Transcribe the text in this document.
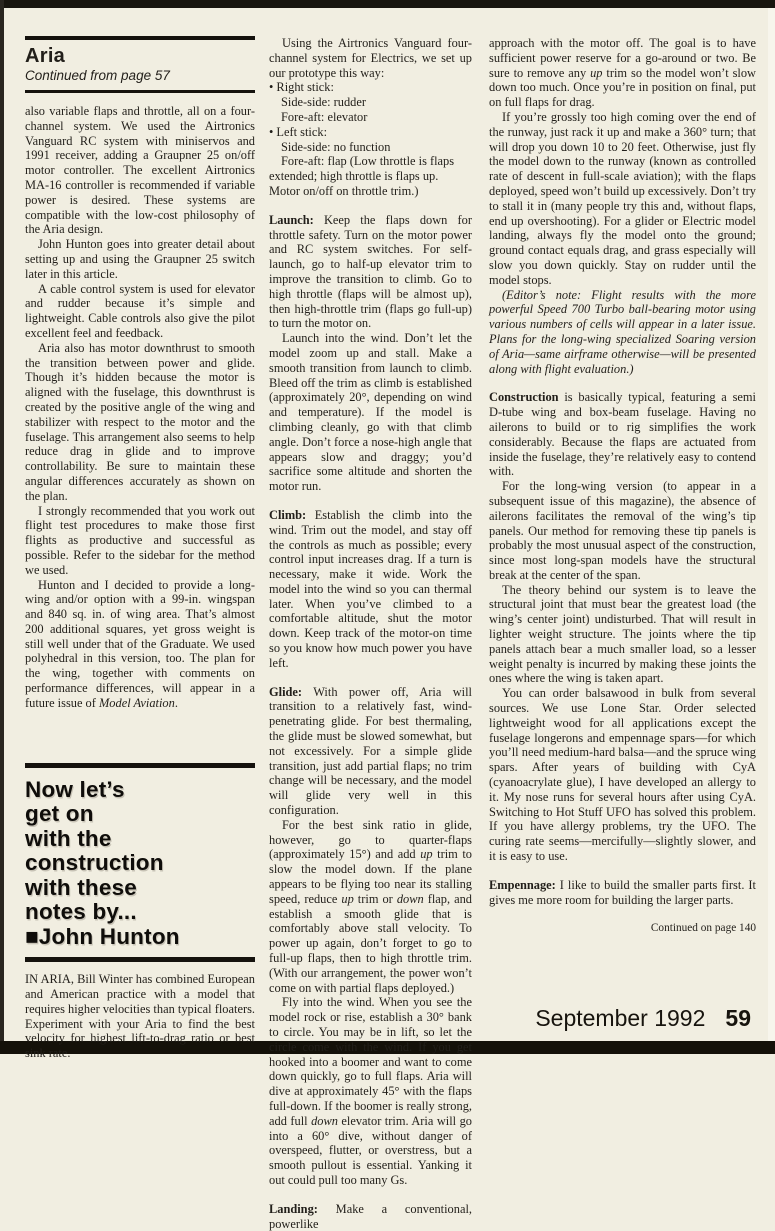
Aria
Continued from page 57

also variable flaps and throttle, all on a four-channel system. We used the Airtronics Vanguard RC system with miniservos and 1991 receiver, adding a Graupner 25 on/off motor controller. The excellent Airtronics MA-16 controller is recommended if variable power is desired. These systems are compatible with the low-cost philosophy of the Aria design.

John Hunton goes into greater detail about setting up and using the Graupner 25 switch later in this article.

A cable control system is used for elevator and rudder because it’s simple and lightweight. Cable controls also give the pilot excellent feel and feedback.

Aria also has motor downthrust to smooth the transition between power and glide. Though it’s hidden because the motor is aligned with the fuselage, this downthrust is created by the positive angle of the wing and stabilizer with respect to the motor and the fuselage. This arrangement also seems to help reduce drag in glide and to improve controllability. Be sure to maintain these angular differences accurately as shown on the plan.

I strongly recommended that you work out flight test procedures to make those first flights as productive and successful as possible. Refer to the sidebar for the method we used.

Hunton and I decided to provide a long-wing and/or option with a 99-in. wingspan and 840 sq. in. of wing area. That’s almost 200 additional squares, yet gross weight is still well under that of the Graduate. We used polyhedral in this version, too. The plan for the wing, together with comments on performance differences, will appear in a future issue of Model Aviation.

Now let’s
get on
with the
construction
with these
notes by...
■John Hunton

IN ARIA, Bill Winter has combined European and American practice with a model that requires higher velocities than typical floaters. Experiment with your Aria to find the best velocity for highest lift-to-drag ratio or best sink rate.

Using the Airtronics Vanguard four-channel system for Electrics, we set up our prototype this way:

• Right stick:

Side-side: rudder

Fore-aft: elevator

• Left stick:

Side-side: no function

Fore-aft: flap (Low throttle is flaps extended; high throttle is flaps up. Motor on/off on throttle trim.)

Launch: Keep the flaps down for throttle safety. Turn on the motor power and RC system switches. For self-launch, go to half-up elevator trim to improve the transition to climb. Go to high throttle (flaps will be almost up), then high-throttle trim (flaps go full-up) to turn the motor on.

Launch into the wind. Don’t let the model zoom up and stall. Make a smooth transition from launch to climb. Bleed off the trim as climb is established (approximately 20°, depending on wind and temperature). If the model is climbing cleanly, go with that climb angle. Don’t force a nose-high angle that appears slow and draggy; you’d sacrifice some altitude and shorten the motor run.

Climb: Establish the climb into the wind. Trim out the model, and stay off the controls as much as possible; every control input increases drag. If a turn is necessary, make it wide. Work the model into the wind so you can thermal later. When you’ve climbed to a comfortable altitude, shut the motor down. Keep track of the motor-on time so you know how much power you have left.

Glide: With power off, Aria will transition to a relatively fast, wind-penetrating glide. For best thermaling, the glide must be slowed somewhat, but not excessively. For a simple glide transition, just add partial flaps; no trim change will be necessary, and the model will glide very well in this configuration.

For the best sink ratio in glide, however, go to quarter-flaps (approximately 15°) and add up trim to slow the model down. If the plane appears to be flying too near its stalling speed, reduce up trim or down flap, and establish a smooth glide that is comfortably above stall velocity. To power up again, don’t forget to go to full-up flaps, then to high throttle trim. (With our arrangement, the power won’t come on with partial flaps deployed.)

Fly into the wind. When you see the model rock or rise, establish a 30° bank to circle. You may be in lift, so let the circle come with the wind. If you get hooked into a boomer and want to come down quickly, go to full flaps. Aria will dive at approximately 45° with the flaps full-down. If the boomer is really strong, add full down elevator trim. Aria will go into a 60° dive, without danger of overspeed, flutter, or overstress, but a smooth pullout is essential. Yanking it out could pull too many Gs.

Landing: Make a conventional, powerlike

approach with the motor off. The goal is to have sufficient power reserve for a go-around or two. Be sure to remove any up trim so the model won’t slow down too much. Once you’re in position on final, put on full flaps for drag.

If you’re grossly too high coming over the end of the runway, just rack it up and make a 360° turn; that will drop you down 10 to 20 feet. Otherwise, just fly the model down to the runway (known as controlled rate of descent in full-scale aviation); with the flaps deployed, speed won’t build up excessively. Don’t try to stall it in (many people try this and, without flaps, end up overshooting). For a glider or Electric model landing, always fly the model onto the ground; ground contact equals drag, and grass especially will slow you down quickly. Stay on rudder until the model stops.

(Editor’s note: Flight results with the more powerful Speed 700 Turbo ball-bearing motor using various numbers of cells will appear in a later issue. Plans for the long-wing specialized Soaring version of Aria—same airframe otherwise—will be presented along with flight evaluation.)

Construction is basically typical, featuring a semi D-tube wing and box-beam fuselage. Having no ailerons to build or to rig simplifies the work considerably. Because the flaps are actuated from inside the fuselage, they’re relatively easy to contend with.

For the long-wing version (to appear in a subsequent issue of this magazine), the absence of ailerons facilitates the removal of the wing’s tip panels. Our method for removing these tip panels is probably the most unusual aspect of the construction, since most long-span models have the structural break at the center of the span.

The theory behind our system is to leave the structural joint that must bear the greatest load (the wing’s center joint) undisturbed. That will result in lighter weight structure. The joints where the tip panels attach bear a much smaller load, so a lesser weight penalty is incurred by making these joints the ones where the wing is taken apart.

You can order balsawood in bulk from several sources. We use Lone Star. Order selected lightweight wood for all applications except the fuselage longerons and empennage spars—for which you’ll need medium-hard balsa—and the spruce wing spars. After years of building with CyA (cyanoacrylate glue), I have developed an allergy to it. My nose runs for several hours after using CyA. Switching to Hot Stuff UFO has solved this problem. If you have allergy problems, try the UFO. The curing rate seems—mercifully—slightly slower, and it is easy to use.

Empennage: I like to build the smaller parts first. It gives me more room for building the larger parts.

Continued on page 140

September 1992 59
